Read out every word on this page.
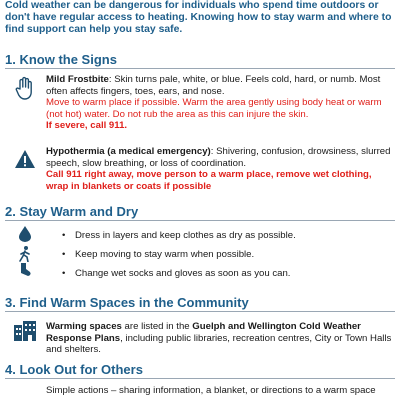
Cold weather can be dangerous for individuals who spend time outdoors or don't have regular access to heating. Knowing how to stay warm and where to find support can help you stay safe.
1. Know the Signs
Mild Frostbite: Skin turns pale, white, or blue. Feels cold, hard, or numb. Most often affects fingers, toes, ears, and nose.
Move to warm place if possible. Warm the area gently using body heat or warm (not hot) water. Do not rub the area as this can injure the skin.
If severe, call 911.
Hypothermia (a medical emergency): Shivering, confusion, drowsiness, slurred speech, slow breathing, or loss of coordination.
Call 911 right away, move person to a warm place, remove wet clothing, wrap in blankets or coats if possible
2. Stay Warm and Dry
• Dress in layers and keep clothes as dry as possible.
• Keep moving to stay warm when possible.
• Change wet socks and gloves as soon as you can.
3. Find Warm Spaces in the Community
Warming spaces are listed in the Guelph and Wellington Cold Weather Response Plans, including public libraries, recreation centres, City or Town Halls and shelters.
4. Look Out for Others
Simple actions – sharing information, a blanket, or directions to a warm space
